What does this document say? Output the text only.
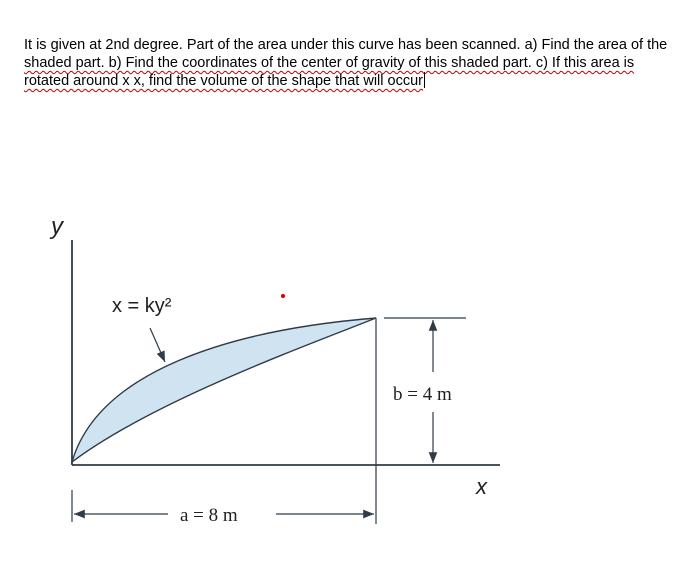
It is given at 2nd degree. Part of the area under this curve has been scanned. a) Find the area of the
shaded part. b) Find the coordinates of the center of gravity of this shaded part. c) If this area is
rotated around x x, find the volume of the shape that will occur
y
x
x = ky²
b = 4 m
a = 8 m
